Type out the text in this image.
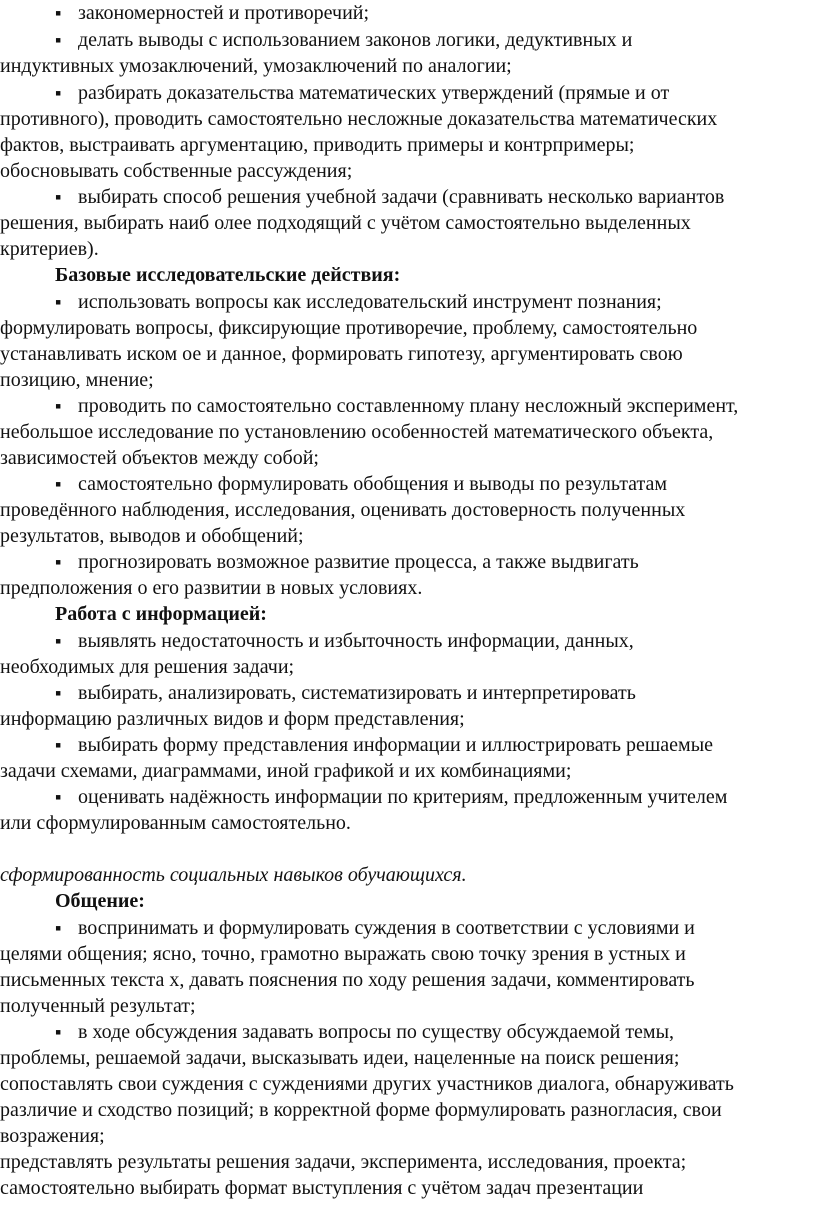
▪ закономерностей и противоречий;
▪ делать выводы с использованием законов логики, дедуктивных и
индуктивных умозаключений, умозаключений по аналогии;
▪ разбирать доказательства математических утверждений (прямые и от
противного), проводить самостоятельно несложные доказательства математических
фактов, выстраивать аргументацию, приводить примеры и контрпримеры;
обосновывать собственные рассуждения;
▪ выбирать способ решения учебной задачи (сравнивать несколько вариантов
решения, выбирать наиб олее подходящий с учётом самостоятельно выделенных
критериев).
Базовые исследовательские действия:
▪ использовать вопросы как исследовательский инструмент познания;
формулировать вопросы, фиксирующие противоречие, проблему, самостоятельно
устанавливать иском ое и данное, формировать гипотезу, аргументировать свою
позицию, мнение;
▪ проводить по самостоятельно составленному плану несложный эксперимент,
небольшое исследование по установлению особенностей математического объекта,
зависимостей объектов между собой;
▪ самостоятельно формулировать обобщения и выводы по результатам
проведённого наблюдения, исследования, оценивать достоверность полученных
результатов, выводов и обобщений;
▪ прогнозировать возможное развитие процесса, а также выдвигать
предположения о его развитии в новых условиях.
Работа с информацией:
▪ выявлять недостаточность и избыточность информации, данных,
необходимых для решения задачи;
▪ выбирать, анализировать, систематизировать и интерпретировать
информацию различных видов и форм представления;
▪ выбирать форму представления информации и иллюстрировать решаемые
задачи схемами, диаграммами, иной графикой и их комбинациями;
▪ оценивать надёжность информации по критериям, предложенным учителем
или сформулированным самостоятельно.
сформированность социальных навыков обучающихся.
Общение:
▪ воспринимать и формулировать суждения в соответствии с условиями и
целями общения; ясно, точно, грамотно выражать свою точку зрения в устных и
письменных текста х, давать пояснения по ходу решения задачи, комментировать
полученный результат;
▪ в ходе обсуждения задавать вопросы по существу обсуждаемой темы,
проблемы, решаемой задачи, высказывать идеи, нацеленные на поиск решения;
сопоставлять свои суждения с суждениями других участников диалога, обнаруживать
различие и сходство позиций; в корректной форме формулировать разногласия, свои
возражения;
представлять результаты решения задачи, эксперимента, исследования, проекта;
самостоятельно выбирать формат выступления с учётом задач презентации
